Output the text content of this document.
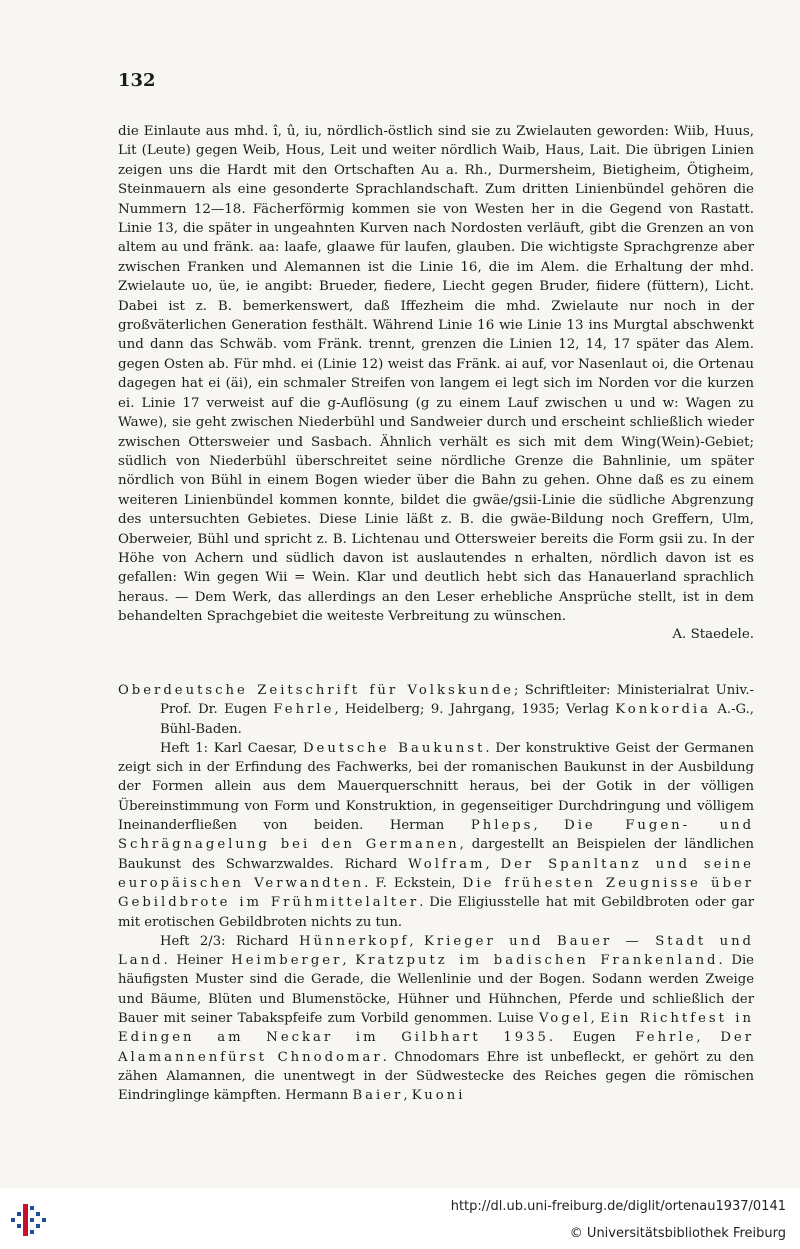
132

die Einlaute aus mhd. î, û, iu, nördlich-östlich sind sie zu Zwielauten geworden: Wiib, Huus, Lit (Leute) gegen Weib, Hous, Leit und weiter nördlich Waib, Haus, Lait. Die übrigen Linien zeigen uns die Hardt mit den Ortschaften Au a. Rh., Durmersheim, Bietigheim, Ötigheim, Steinmauern als eine gesonderte Sprachlandschaft. Zum dritten Linienbündel gehören die Nummern 12—18. Fächerförmig kommen sie von Westen her in die Gegend von Rastatt. Linie 13, die später in ungeahnten Kurven nach Nordosten verläuft, gibt die Grenzen an von altem au und fränk. aa: laafe, glaawe für laufen, glauben. Die wichtigste Sprachgrenze aber zwischen Franken und Alemannen ist die Linie 16, die im Alem. die Erhaltung der mhd. Zwielaute uo, üe, ie angibt: Brueder, fiedere, Liecht gegen Bruder, fiidere (füttern), Licht. Dabei ist z. B. bemerkenswert, daß Iffezheim die mhd. Zwielaute nur noch in der großväterlichen Generation festhält. Während Linie 16 wie Linie 13 ins Murgtal abschwenkt und dann das Schwäb. vom Fränk. trennt, grenzen die Linien 12, 14, 17 später das Alem. gegen Osten ab. Für mhd. ei (Linie 12) weist das Fränk. ai auf, vor Nasenlaut oi, die Ortenau dagegen hat ei (äi), ein schmaler Streifen von langem ei legt sich im Norden vor die kurzen ei. Linie 17 verweist auf die g-Auflösung (g zu einem Lauf zwischen u und w: Wagen zu Wawe), sie geht zwischen Niederbühl und Sandweier durch und erscheint schließlich wieder zwischen Ottersweier und Sasbach. Ähnlich verhält es sich mit dem Wing(Wein)-Gebiet; südlich von Niederbühl überschreitet seine nördliche Grenze die Bahnlinie, um später nördlich von Bühl in einem Bogen wieder über die Bahn zu gehen. Ohne daß es zu einem weiteren Linienbündel kommen konnte, bildet die gwäe/gsii-Linie die südliche Abgrenzung des untersuchten Gebietes. Diese Linie läßt z. B. die gwäe-Bildung noch Greffern, Ulm, Oberweier, Bühl und spricht z. B. Lichtenau und Ottersweier bereits die Form gsii zu. In der Höhe von Achern und südlich davon ist auslautendes n erhalten, nördlich davon ist es gefallen: Win gegen Wii = Wein. Klar und deutlich hebt sich das Hanauerland sprachlich heraus. — Dem Werk, das allerdings an den Leser erhebliche Ansprüche stellt, ist in dem behandelten Sprachgebiet die weiteste Verbreitung zu wünschen.

A. Staedele.

Oberdeutsche Zeitschrift für Volkskunde; Schriftleiter: Ministerialrat Univ.-Prof. Dr. Eugen Fehrle, Heidelberg; 9. Jahrgang, 1935; Verlag Konkordia A.-G., Bühl-Baden.

Heft 1: Karl Caesar, Deutsche Baukunst. Der konstruktive Geist der Germanen zeigt sich in der Erfindung des Fachwerks, bei der romanischen Baukunst in der Ausbildung der Formen allein aus dem Mauerquerschnitt heraus, bei der Gotik in der völligen Übereinstimmung von Form und Konstruktion, in gegenseitiger Durchdringung und völligem Ineinanderfließen von beiden. Herman Phleps, Die Fugen- und Schrägnagelung bei den Germanen, dargestellt an Beispielen der ländlichen Baukunst des Schwarzwaldes. Richard Wolfram, Der Spanltanz und seine europäischen Verwandten. F. Eckstein, Die frühesten Zeugnisse über Gebildbrote im Frühmittelalter. Die Eligiusstelle hat mit Gebildbroten oder gar mit erotischen Gebildbroten nichts zu tun.

Heft 2/3: Richard Hünnerkopf, Krieger und Bauer — Stadt und Land. Heiner Heimberger, Kratzputz im badischen Frankenland. Die häufigsten Muster sind die Gerade, die Wellenlinie und der Bogen. Sodann werden Zweige und Bäume, Blüten und Blumenstöcke, Hühner und Hühnchen, Pferde und schließlich der Bauer mit seiner Tabakspfeife zum Vorbild genommen. Luise Vogel, Ein Richtfest in Edingen am Neckar im Gilbhart 1935. Eugen Fehrle, Der Alamannenfürst Chnodomar. Chnodomars Ehre ist unbefleckt, er gehört zu den zähen Alamannen, die unentwegt in der Südwestecke des Reiches gegen die römischen Eindringlinge kämpften. Hermann Baier, Kuoni

http://dl.ub.uni-freiburg.de/diglit/ortenau1937/0141
© Universitätsbibliothek Freiburg
